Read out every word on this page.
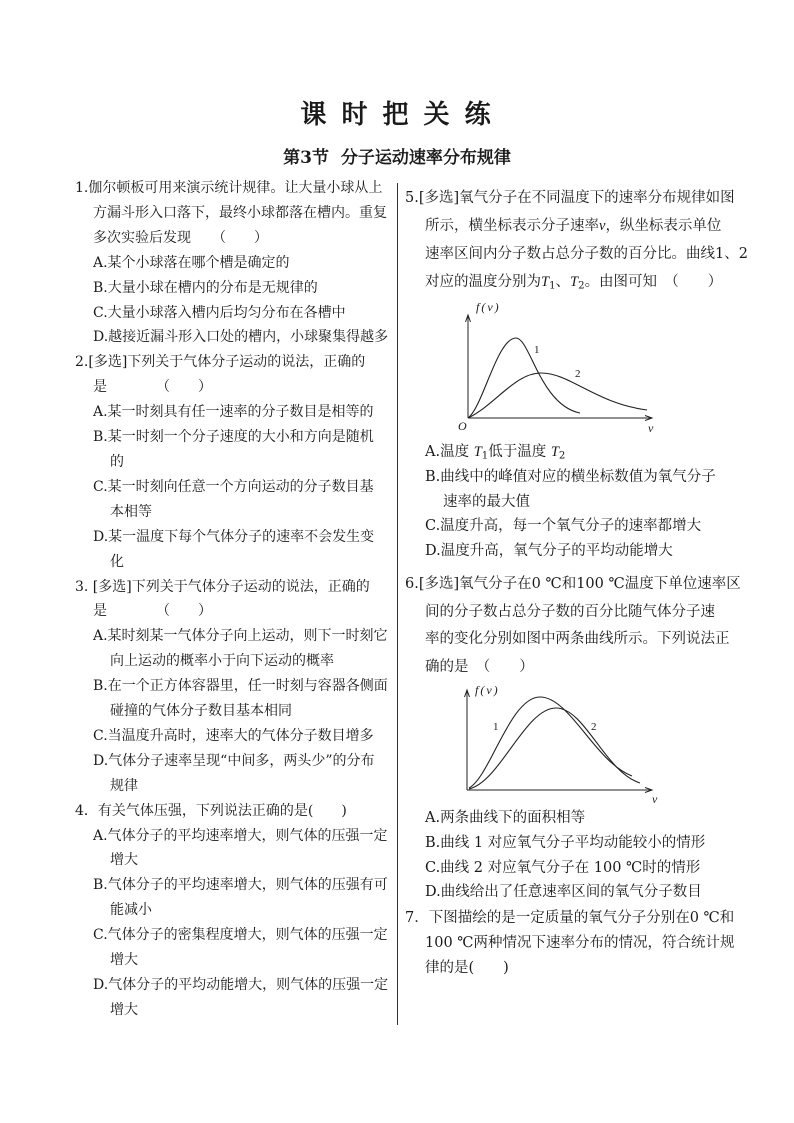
课 时 把 关 练
第3节  分子运动速率分布规律
1.伽尔顿板可用来演示统计规律。让大量小球从上
方漏斗形入口落下，最终小球都落在槽内。重复
多次实验后发现　　（　　）
A.某个小球落在哪个槽是确定的
B.大量小球在槽内的分布是无规律的
C.大量小球落入槽内后均匀分布在各槽中
D.越接近漏斗形入口处的槽内，小球聚集得越多
2.[多选]下列关于气体分子运动的说法，正确的
是　　　　（　　）
A.某一时刻具有任一速率的分子数目是相等的
B.某一时刻一个分子速度的大小和方向是随机
的
C.某一时刻向任意一个方向运动的分子数目基
本相等
D.某一温度下每个气体分子的速率不会发生变
化
3. [多选]下列关于气体分子运动的说法，正确的
是　　　　（　　）
A.某时刻某一气体分子向上运动，则下一时刻它
向上运动的概率小于向下运动的概率
B.在一个正方体容器里，任一时刻与容器各侧面
碰撞的气体分子数目基本相同
C.当温度升高时，速率大的气体分子数目增多
D.气体分子速率呈现“中间多，两头少”的分布
规律
4．有关气体压强，下列说法正确的是(　　)
A.气体分子的平均速率增大，则气体的压强一定
增大
B.气体分子的平均速率增大，则气体的压强有可
能减小
C.气体分子的密集程度增大，则气体的压强一定
增大
D.气体分子的平均动能增大，则气体的压强一定
增大
5.[多选]氧气分子在不同温度下的速率分布规律如图
所示，横坐标表示分子速率v，纵坐标表示单位
速率区间内分子数占总分子数的百分比。曲线1、2
对应的温度分别为$T_1$、$T_2$。由图可知　（　　）
f(v)
O	v
1
2
A.温度 $T_1$低于温度 $T_2$
B.曲线中的峰值对应的横坐标数值为氧气分子
速率的最大值
C.温度升高，每一个氧气分子的速率都增大
D.温度升高，氧气分子的平均动能增大
6.[多选]氧气分子在0 ℃和100 ℃温度下单位速率区
间的分子数占总分子数的百分比随气体分子速
率的变化分别如图中两条曲线所示。下列说法正
确的是　（　　）
f(v)
v
1	2
A.两条曲线下的面积相等
B.曲线 1 对应氧气分子平均动能较小的情形
C.曲线 2 对应氧气分子在 100 ℃时的情形
D.曲线给出了任意速率区间的氧气分子数目
7．下图描绘的是一定质量的氧气分子分别在0 ℃和
100 ℃两种情况下速率分布的情况，符合统计规
律的是(　　)
